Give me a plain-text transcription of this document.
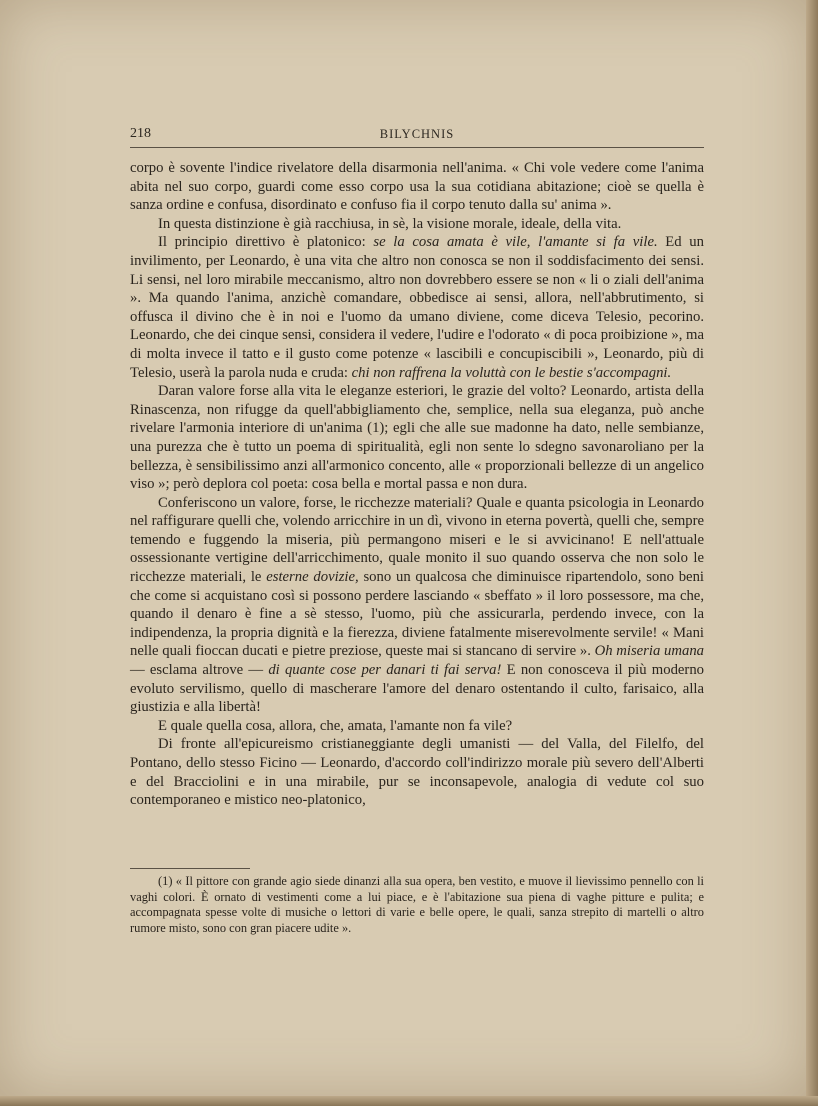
218	BILYCHNIS

corpo è sovente l'indice rivelatore della disarmonia nell'anima. « Chi vole vedere come l'anima abita nel suo corpo, guardi come esso corpo usa la sua cotidiana abitazione; cioè se quella è sanza ordine e confusa, disordinato e confuso fia il corpo tenuto dalla su' anima ».

In questa distinzione è già racchiusa, in sè, la visione morale, ideale, della vita.

Il principio direttivo è platonico: se la cosa amata è vile, l'amante si fa vile. Ed un invilimento, per Leonardo, è una vita che altro non conosca se non il soddisfacimento dei sensi. Li sensi, nel loro mirabile meccanismo, altro non dovrebbero essere se non « li o ziali dell'anima ». Ma quando l'anima, anzichè comandare, obbedisce ai sensi, allora, nell'abbrutimento, si offusca il divino che è in noi e l'uomo da umano diviene, come diceva Telesio, pecorino. Leonardo, che dei cinque sensi, considera il vedere, l'udire e l'odorato « di poca proibizione », ma di molta invece il tatto e il gusto come potenze « lascibili e concupiscibili », Leonardo, più di Telesio, userà la parola nuda e cruda: chi non raffrena la voluttà con le bestie s'accompagni.

Daran valore forse alla vita le eleganze esteriori, le grazie del volto? Leonardo, artista della Rinascenza, non rifugge da quell'abbigliamento che, semplice, nella sua eleganza, può anche rivelare l'armonia interiore di un'anima (1); egli che alle sue madonne ha dato, nelle sembianze, una purezza che è tutto un poema di spiritualità, egli non sente lo sdegno savonaroliano per la bellezza, è sensibilissimo anzi all'armonico concento, alle « proporzionali bellezze di un angelico viso »; però deplora col poeta: cosa bella e mortal passa e non dura.

Conferiscono un valore, forse, le ricchezze materiali? Quale e quanta psicologia in Leonardo nel raffigurare quelli che, volendo arricchire in un dì, vivono in eterna povertà, quelli che, sempre temendo e fuggendo la miseria, più permangono miseri e le si avvicinano! E nell'attuale ossessionante vertigine dell'arricchimento, quale monito il suo quando osserva che non solo le ricchezze materiali, le esterne dovizie, sono un qualcosa che diminuisce ripartendolo, sono beni che come si acquistano così si possono perdere lasciando « sbeffato » il loro possessore, ma che, quando il denaro è fine a sè stesso, l'uomo, più che assicurarla, perdendo invece, con la indipendenza, la propria dignità e la fierezza, diviene fatalmente miserevolmente servile! « Mani nelle quali fioccan ducati e pietre preziose, queste mai si stancano di servire ». Oh miseria umana — esclama altrove — di quante cose per danari ti fai serva! E non conosceva il più moderno evoluto servilismo, quello di mascherare l'amore del denaro ostentando il culto, farisaico, alla giustizia e alla libertà!

E quale quella cosa, allora, che, amata, l'amante non fa vile?

Di fronte all'epicureismo cristianeggiante degli umanisti — del Valla, del Filelfo, del Pontano, dello stesso Ficino — Leonardo, d'accordo coll'indirizzo morale più severo dell'Alberti e del Bracciolini e in una mirabile, pur se inconsapevole, analogia di vedute col suo contemporaneo e mistico neo-platonico,

(1) « Il pittore con grande agio siede dinanzi alla sua opera, ben vestito, e muove il lievissimo pennello con li vaghi colori. È ornato di vestimenti come a lui piace, e è l'abitazione sua piena di vaghe pitture e pulita; e accompagnata spesse volte di musiche o lettori di varie e belle opere, le quali, sanza strepito di martelli o altro rumore misto, sono con gran piacere udite ».
